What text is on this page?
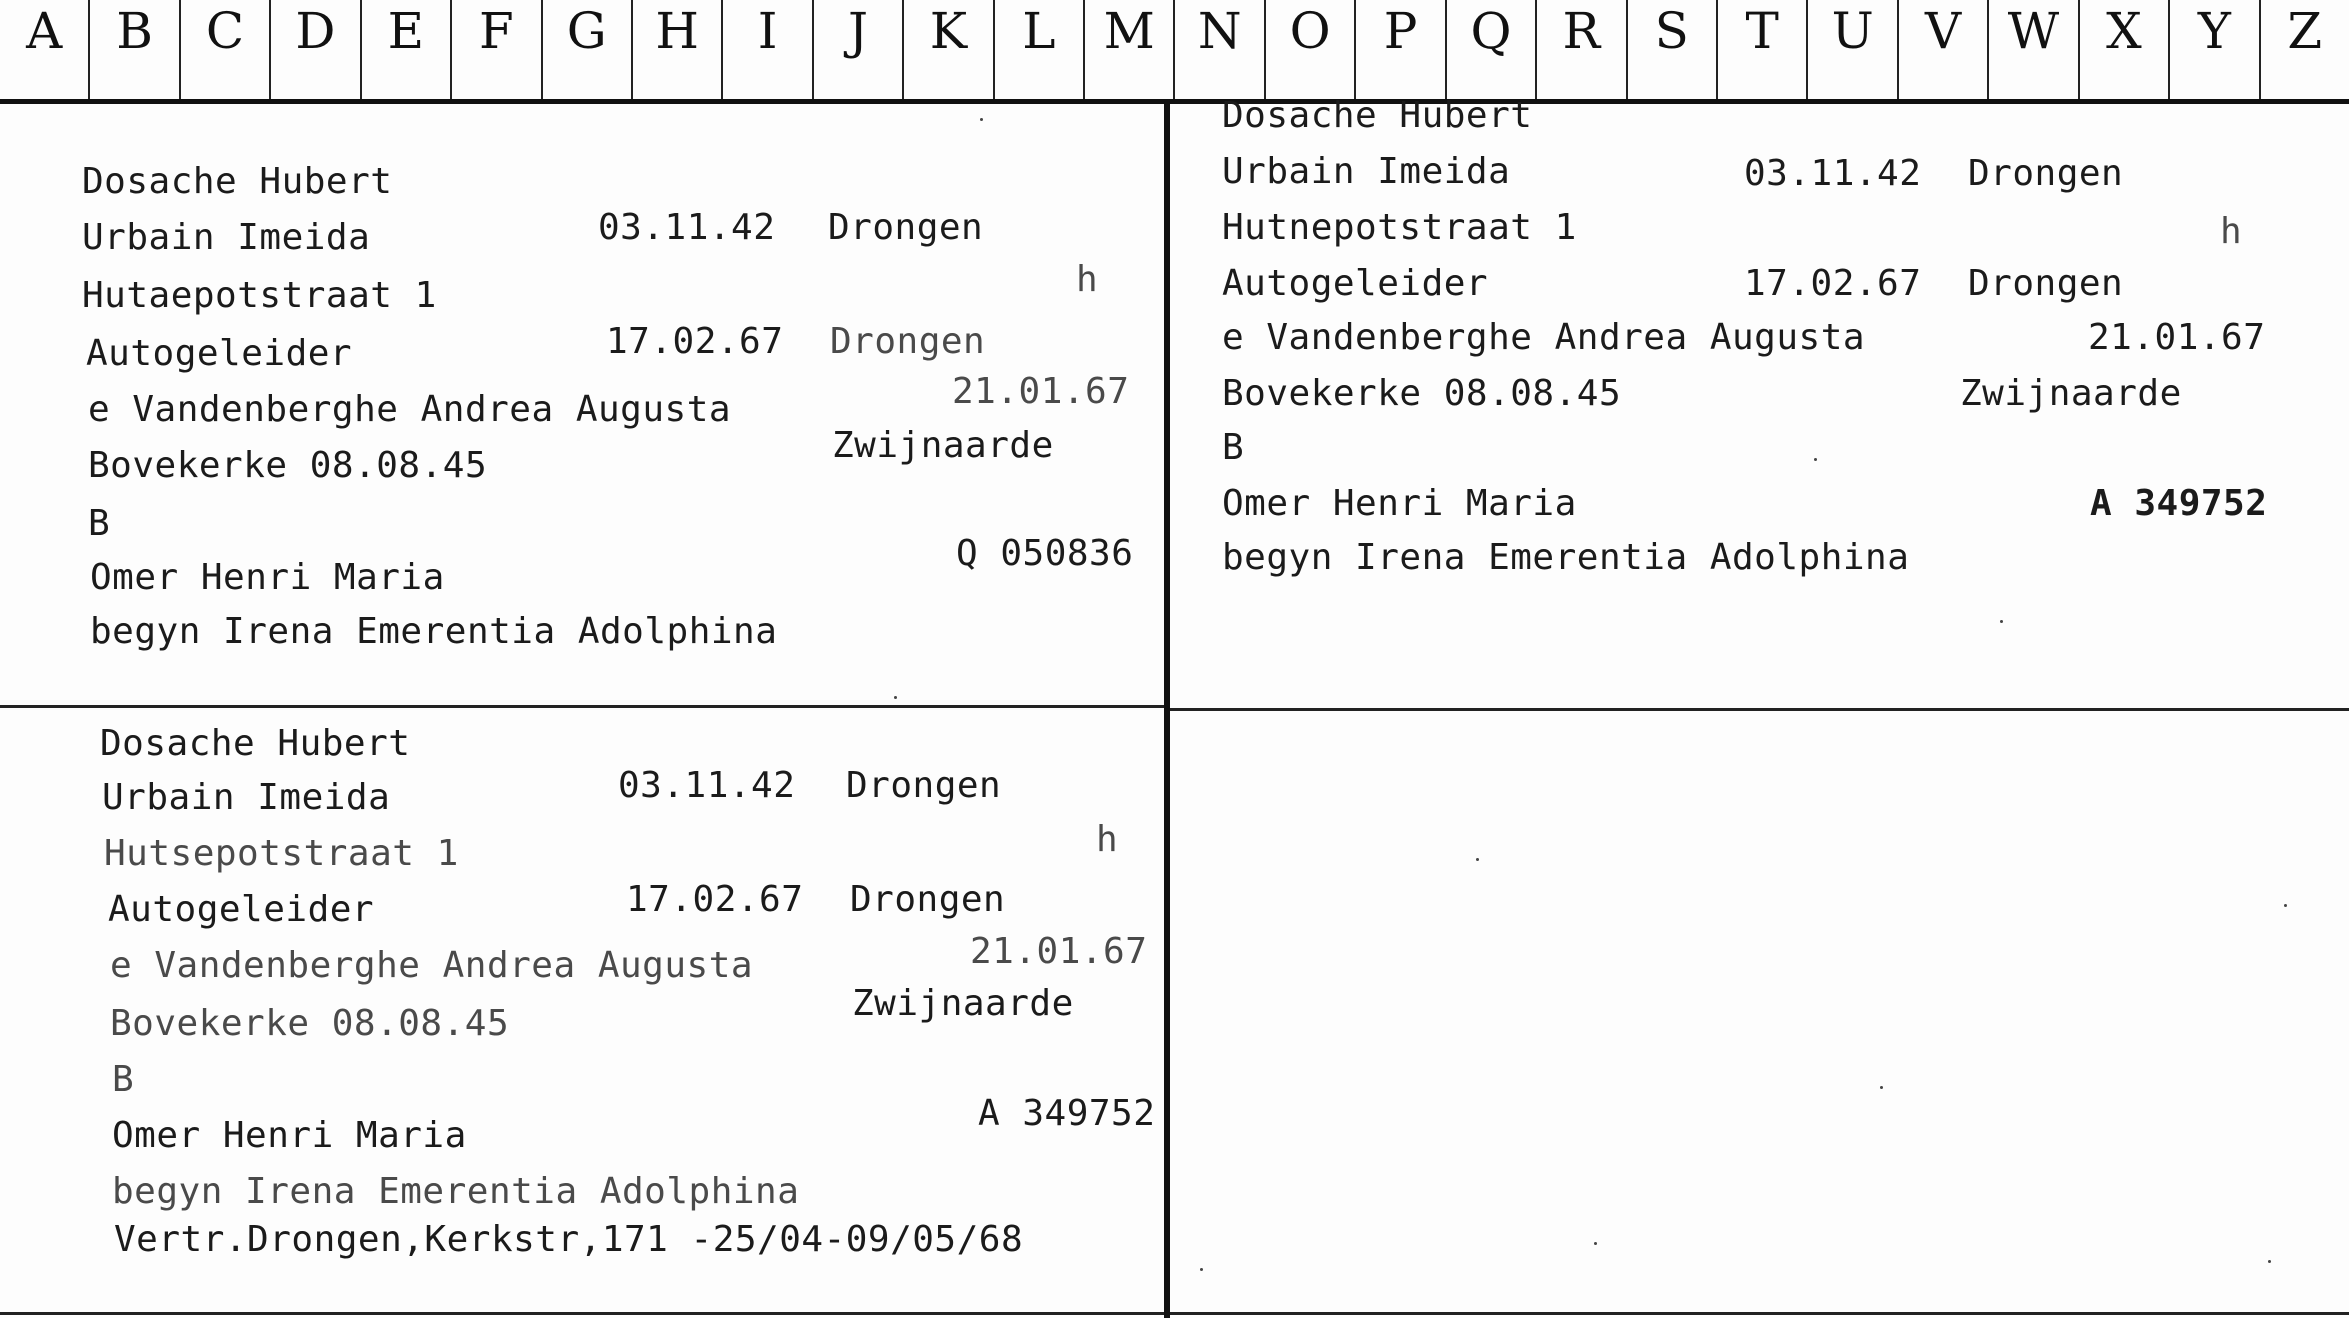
A	B	C	D	E	F	G H	I	J	K	L M N O	P	Q	R	S	T	U	V W X	Y	Z
Dosache Hubert
Urbain Imeida	03.11.42 Drongen
Hutaepotstraat 1	h
Autogeleider	17.02.67 Drongen
e Vandenberghe Andrea Augusta	21.01.67
Bovekerke 08.08.45	Zwijnaarde
B
Omer Henri Maria
Q 050836
begyn Irena Emerentia Adolphina
Dosache Hubert
Urbain Imeida	03.11.42 Drongen
Hutnepotstraat 1	h
Autogeleider	17.02.67 Drongen
e Vandenberghe Andrea Augusta	21.01.67
Bovekerke 08.08.45	Zwijnaarde
B
Omer Henri Maria	A 349752
begyn Irena Emerentia Adolphina
Dosache Hubert
Urbain Imeida	03.11.42 Drongen
Hutsepotstraat 1	h
Autogeleider	17.02.67 Drongen
e Vandenberghe Andrea Augusta	21.01.67
Bovekerke 08.08.45	Zwijnaarde
B
Omer Henri Maria
A 349752
begyn Irena Emerentia Adolphina
Vertr.Drongen,Kerkstr,171 -25/04-09/05/68
